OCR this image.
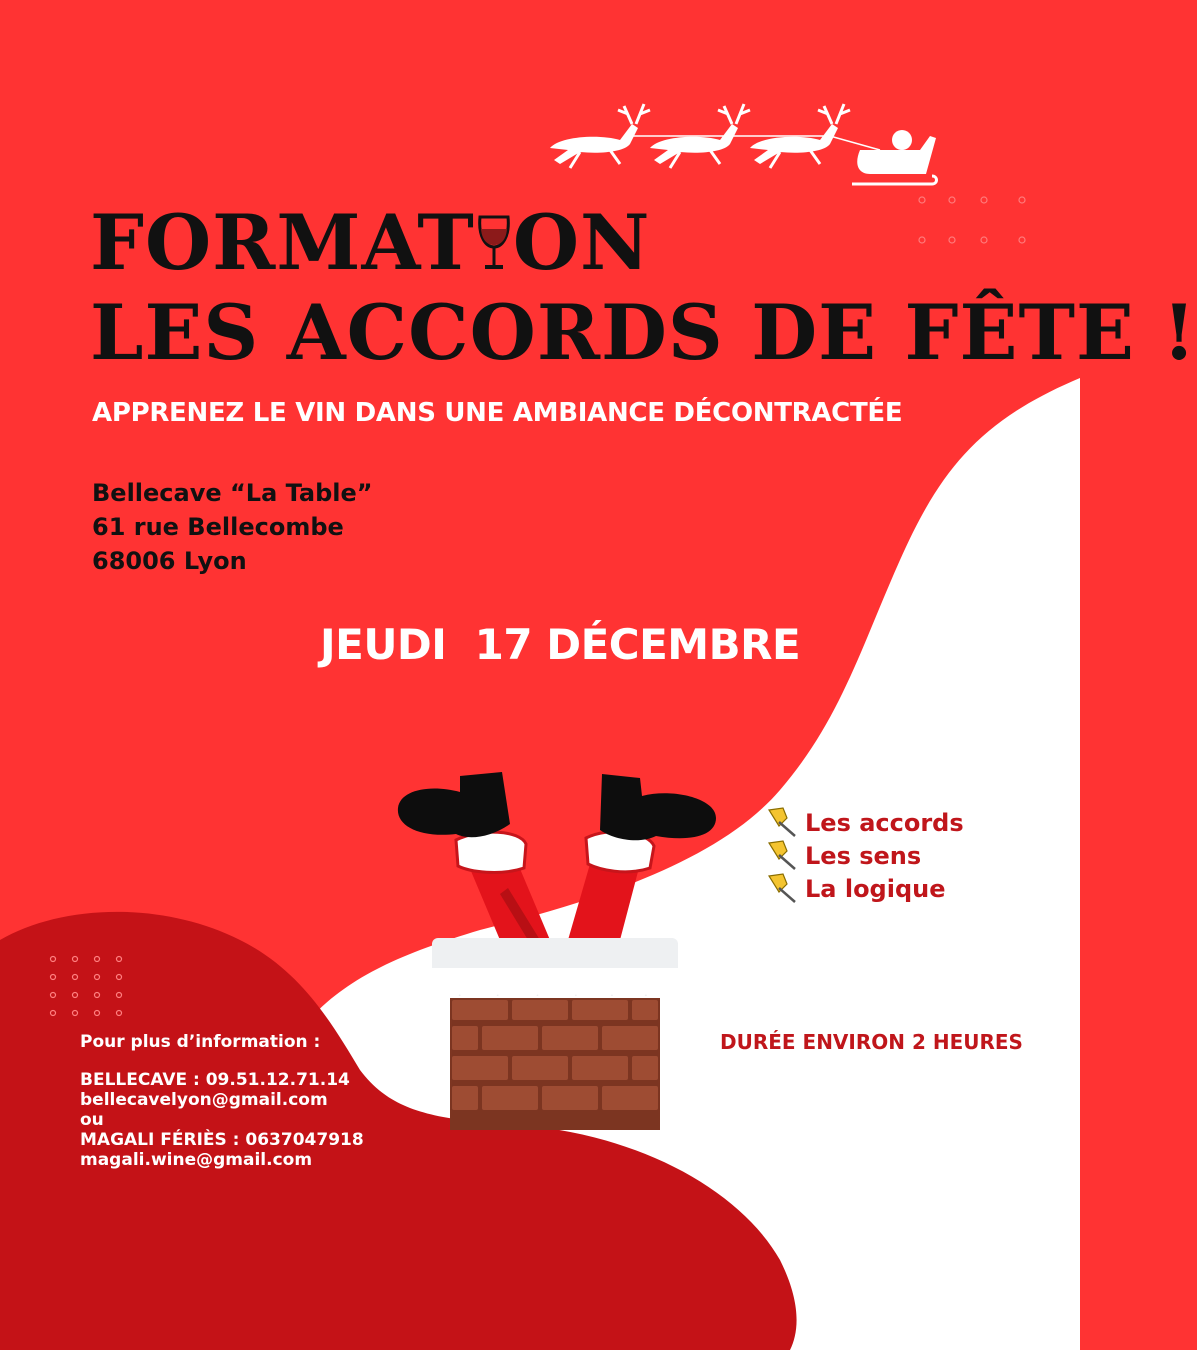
FORMAT ON
LES ACCORDS DE FÊTE !
APPRENEZ LE VIN DANS UNE AMBIANCE DÉCONTRACTÉE
Bellecave “La Table”
61 rue Bellecombe
68006 Lyon
JEUDI  17 DÉCEMBRE
Les accords
Les sens
La logique
DURÉE ENVIRON 2 HEURES
Pour plus d’information :
BELLECAVE : 09.51.12.71.14
bellecavelyon@gmail.com
ou
MAGALI FÉRIÈS : 0637047918
magali.wine@gmail.com
